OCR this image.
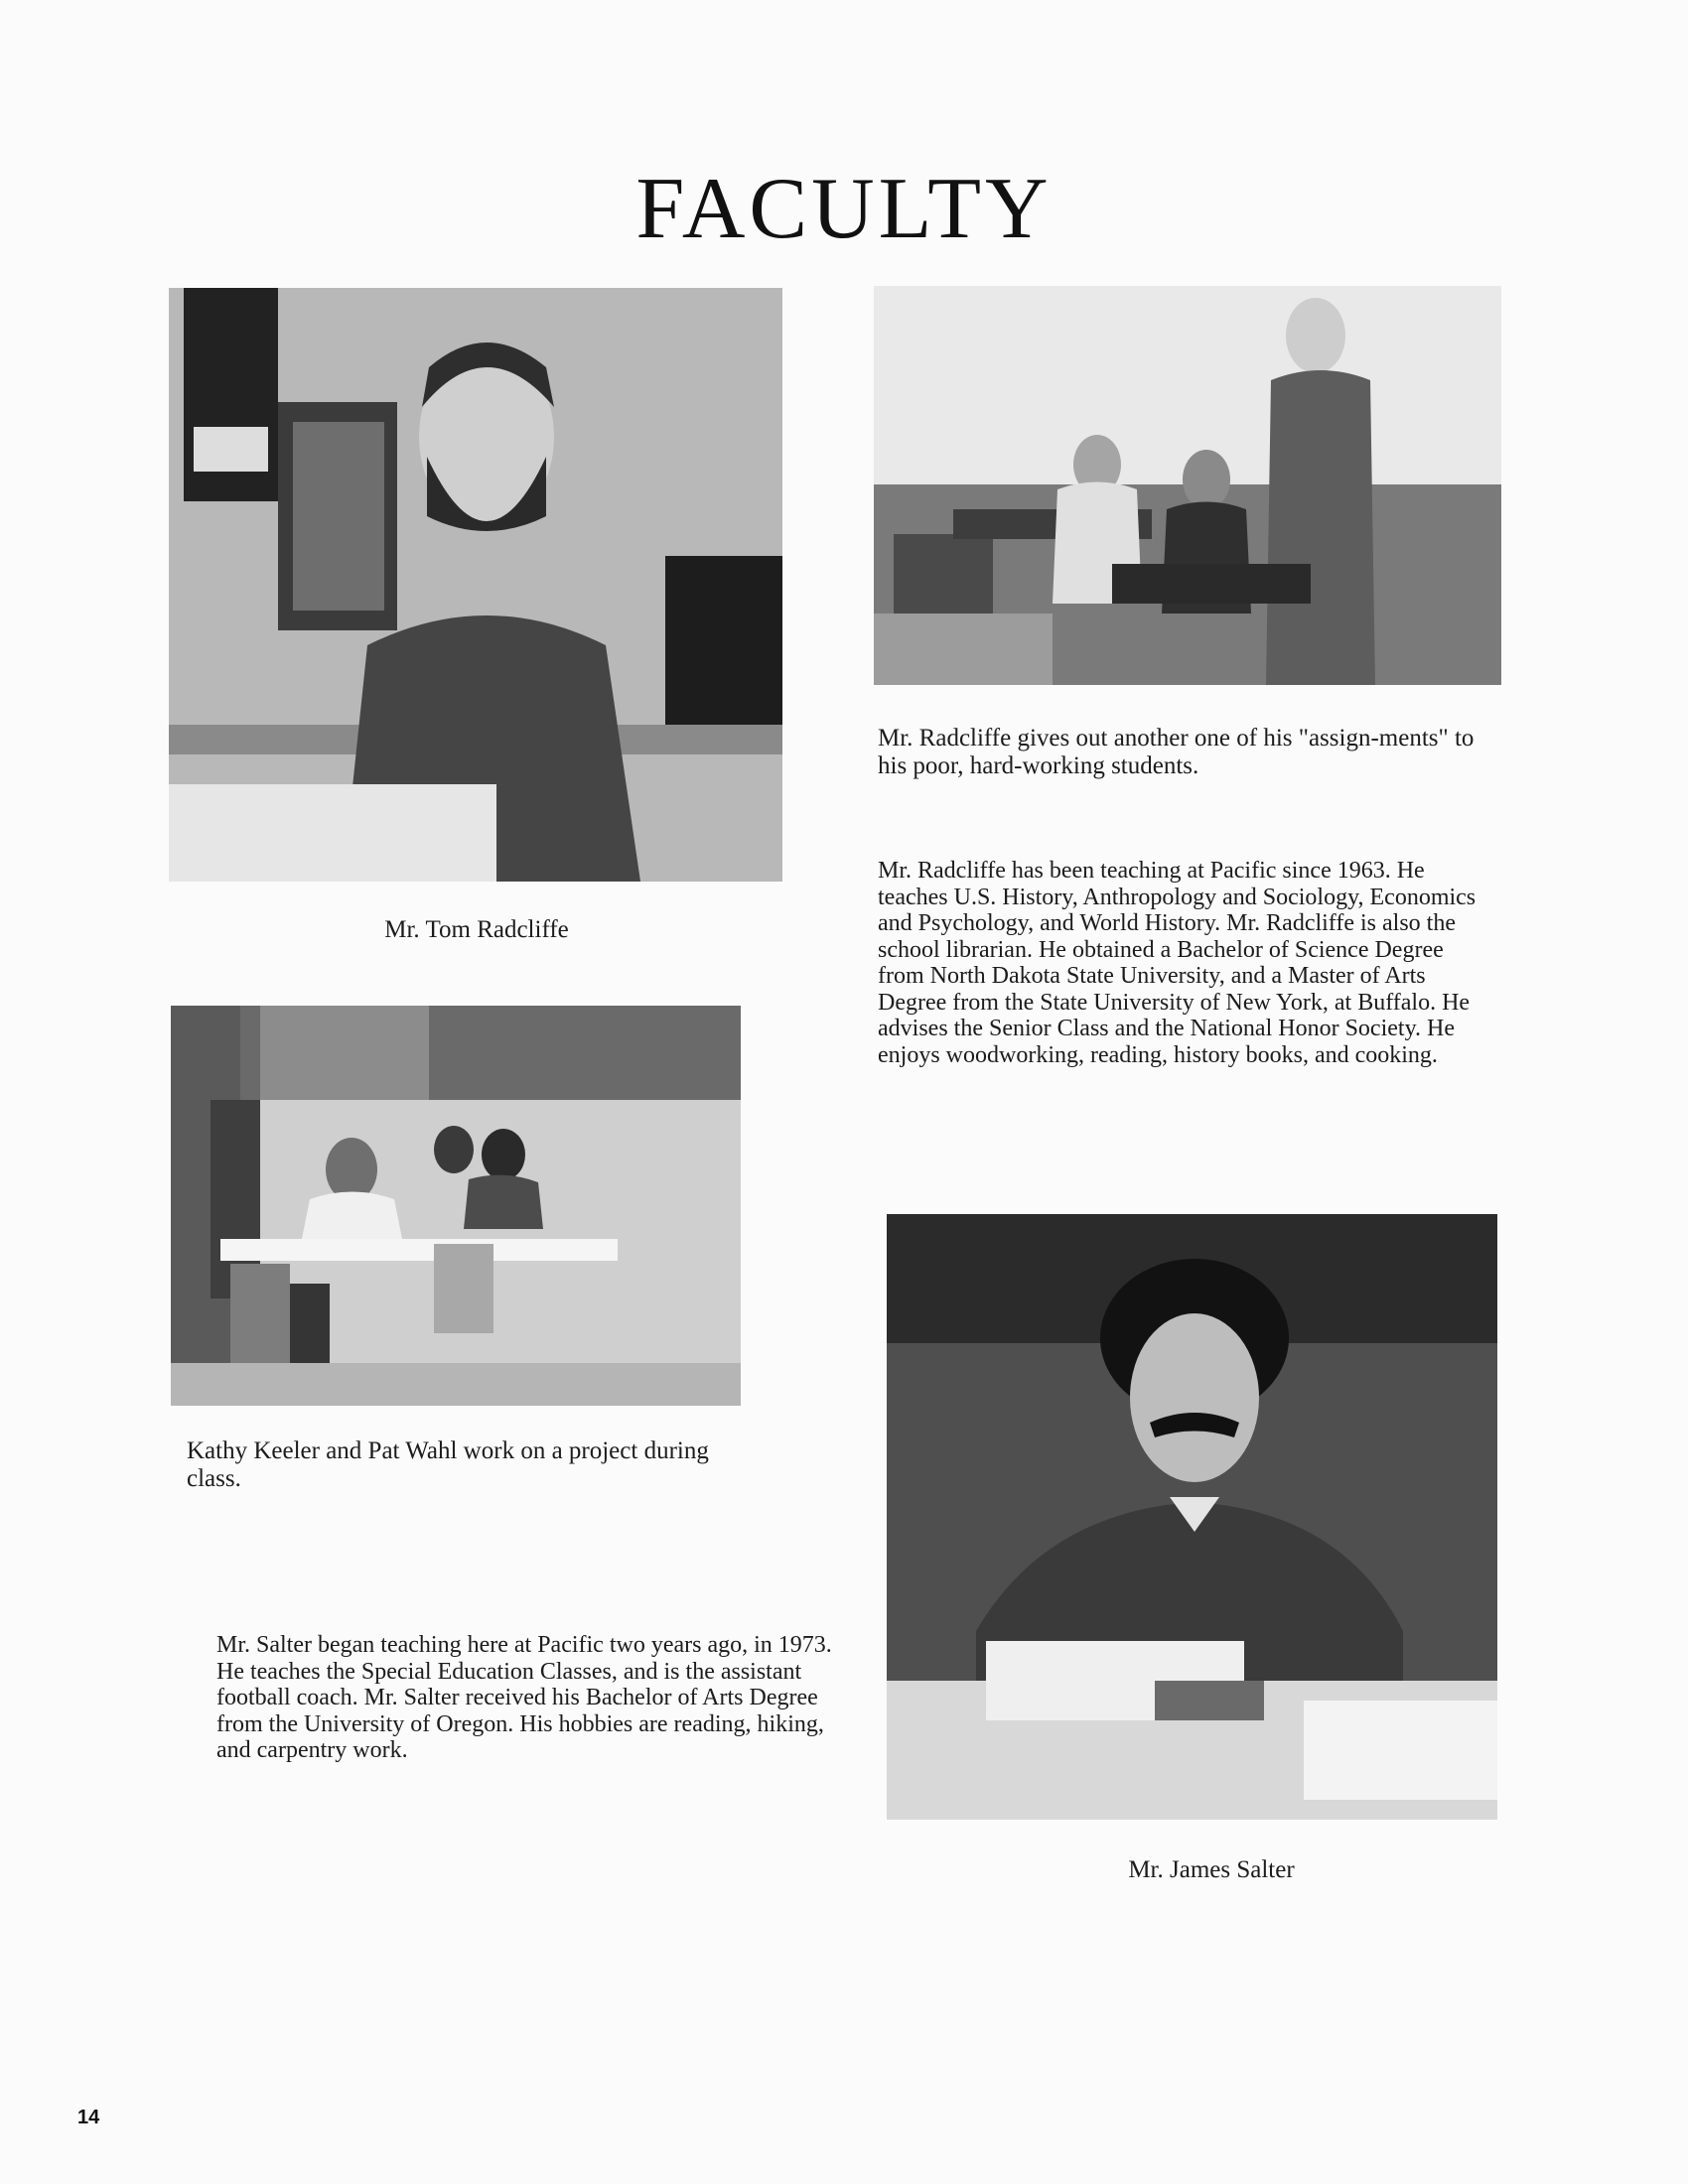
FACULTY

Mr. Tom Radcliffe

Mr. Radcliffe gives out another one of his "assign-ments" to his poor, hard-working students.

Mr. Radcliffe has been teaching at Pacific since 1963. He teaches U.S. History, Anthropology and Sociology, Economics and Psychology, and World History. Mr. Radcliffe is also the school librarian. He obtained a Bachelor of Science Degree from North Dakota State University, and a Master of Arts Degree from the State University of New York, at Buffalo. He advises the Senior Class and the National Honor Society. He enjoys woodworking, reading, history books, and cooking.

Kathy Keeler and Pat Wahl work on a project during class.

Mr. Salter began teaching here at Pacific two years ago, in 1973. He teaches the Special Education Classes, and is the assistant football coach. Mr. Salter received his Bachelor of Arts Degree from the University of Oregon. His hobbies are reading, hiking, and carpentry work.

Mr. James Salter

14
